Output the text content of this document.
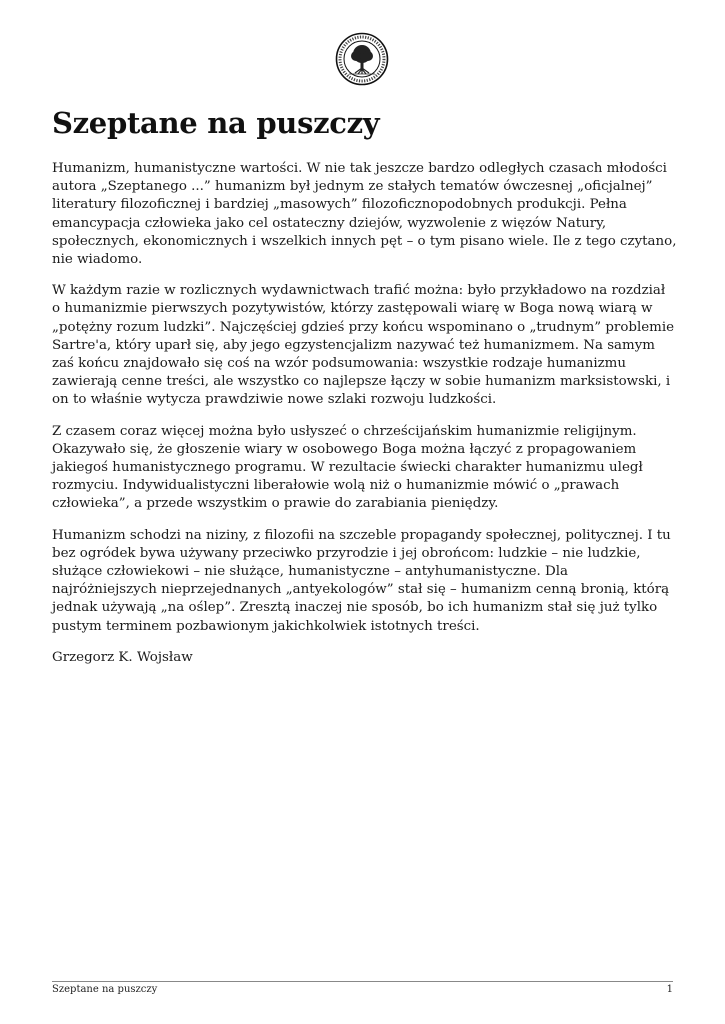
Szeptane na puszczy

Humanizm, humanistyczne wartości. W nie tak jeszcze bardzo odległych czasach młodości autora „Szeptanego ...” humanizm był jednym ze stałych tematów ówczesnej „oficjalnej” literatury filozoficznej i bardziej „masowych” filozoficznopodobnych produkcji. Pełna emancypacja człowieka jako cel ostateczny dziejów, wyzwolenie z więzów Natury, społecznych, ekonomicznych i wszelkich innych pęt – o tym pisano wiele. Ile z tego czytano, nie wiadomo.

W każdym razie w rozlicznych wydawnictwach trafić można: było przykładowo na rozdział o humanizmie pierwszych pozytywistów, którzy zastępowali wiarę w Boga nową wiarą w „potężny rozum ludzki”. Najczęściej gdzieś przy końcu wspominano o „trudnym” problemie Sartre'a, który uparł się, aby jego egzystencjalizm nazywać też humanizmem. Na samym zaś końcu znajdowało się coś na wzór podsumowania: wszystkie rodzaje humanizmu zawierają cenne treści, ale wszystko co najlepsze łączy w sobie humanizm marksistowski, i on to właśnie wytycza prawdziwie nowe szlaki rozwoju ludzkości.

Z czasem coraz więcej można było usłyszeć o chrześcijańskim humanizmie religijnym. Okazywało się, że głoszenie wiary w osobowego Boga można łączyć z propagowaniem jakiegoś humanistycznego programu. W rezultacie świecki charakter humanizmu uległ rozmyciu. Indywidualistyczni liberałowie wolą niż o humanizmie mówić o „prawach człowieka”, a przede wszystkim o prawie do zarabiania pieniędzy.

Humanizm schodzi na niziny, z filozofii na szczeble propagandy społecznej, politycznej. I tu bez ogródek bywa używany przeciwko przyrodzie i jej obrońcom: ludzkie – nie ludzkie, służące człowiekowi – nie służące, humanistyczne – antyhumanistyczne. Dla najróżniejszych nieprzejednanych „antyekologów” stał się – humanizm cenną bronią, którą jednak używają „na oślep”. Zresztą inaczej nie sposób, bo ich humanizm stał się już tylko pustym terminem pozbawionym jakichkolwiek istotnych treści.

Grzegorz K. Wojsław

Szeptane na puszczy	1
